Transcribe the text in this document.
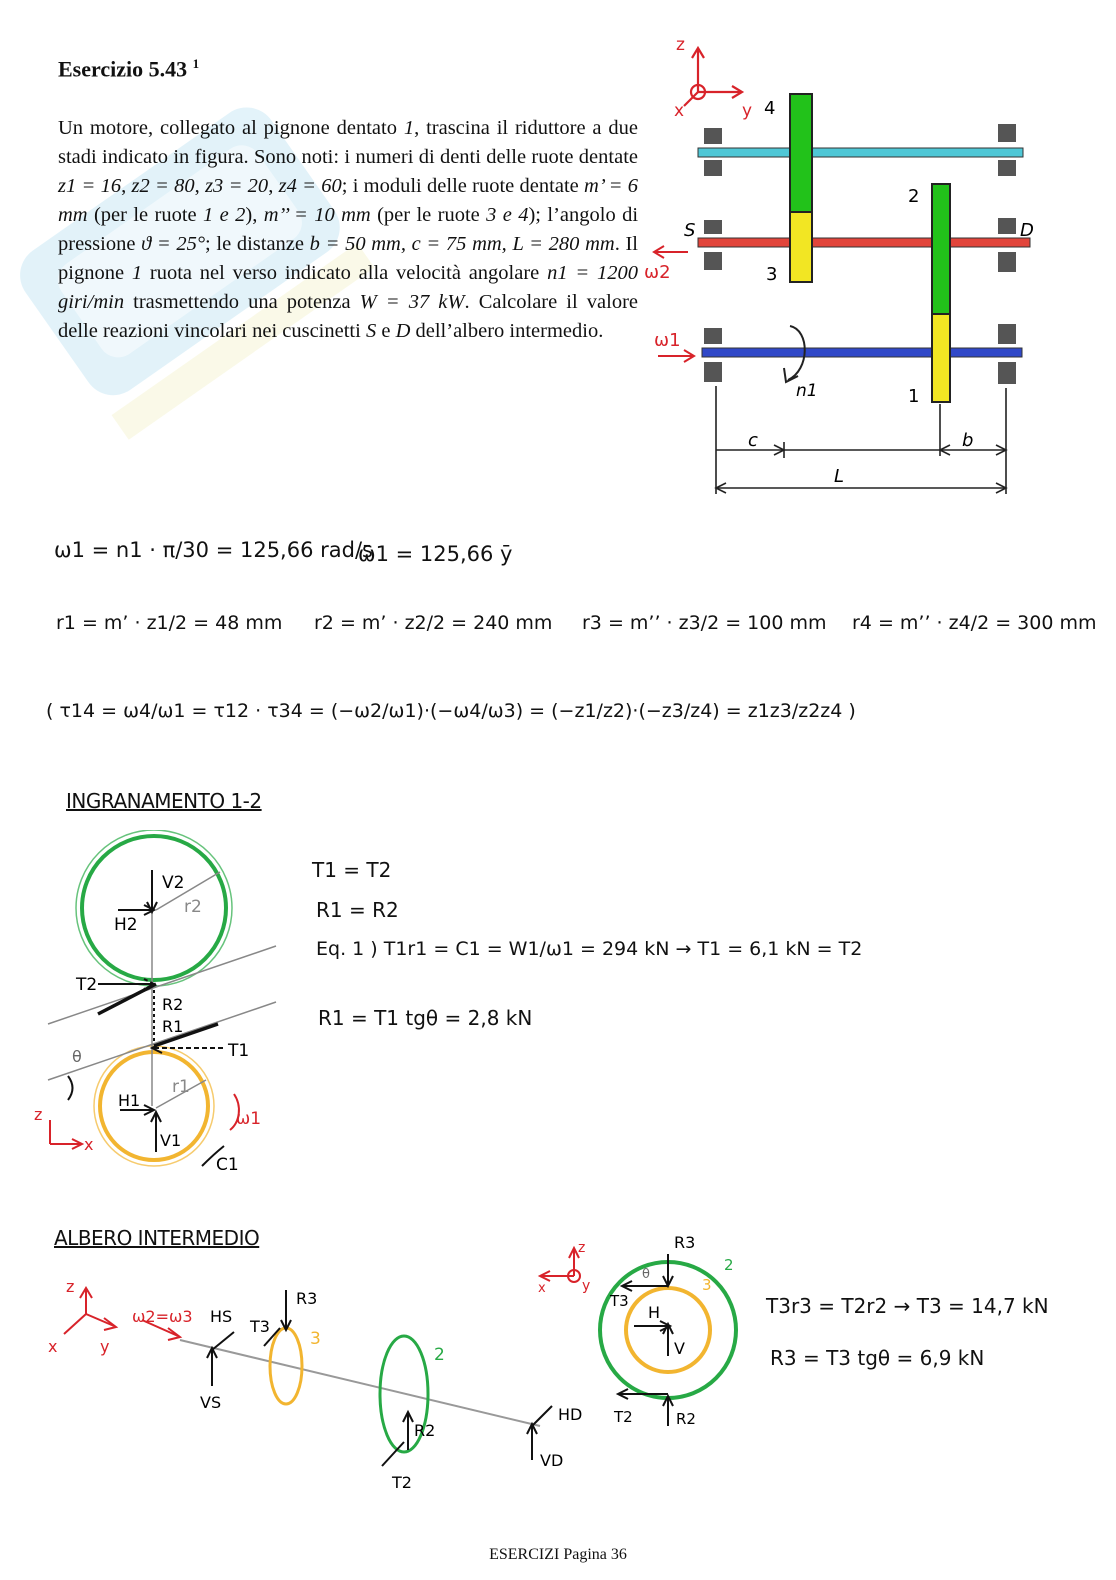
Esercizio 5.43 $^1$
Un motore, collegato al pignone dentato 1, trascina il riduttore a due stadi indicato in figura. Sono noti: i numeri di denti delle ruote dentate z1 = 16, z2 = 80, z3 = 20, z4 = 60; i moduli delle ruote dentate m’ = 6 mm (per le ruote 1 e 2), m’’ = 10 mm (per le ruote 3 e 4); l’angolo di pressione ϑ = 25°; le distanze b = 50 mm, c = 75 mm, L = 280 mm. Il pignone 1 ruota nel verso indicato alla velocità angolare n1 = 1200 giri/min trasmettendo una potenza W = 37 kW. Calcolare il valore delle reazioni vincolari nei cuscinetti S e D dell’albero intermedio.
z
x	y 4
2
3
1
S	D
ω2
ω1
n1
c	b
L
ω1 = n1 · π/30 = 125,66 rad/s
ω̄1 = 125,66 ȳ
r1 = m’ · z1/2 = 48 mm r2 = m’ · z2/2 = 240 mm r3 = m’’ · z3/2 = 100 mm r4 = m’’ · z4/2 = 300 mm
( τ14 = ω4/ω1 = τ12 · τ34 = (−ω2/ω1)·(−ω4/ω3) = (−z1/z2)·(−z3/z4) = z1z3/z2z4 )
INGRANAMENTO 1-2
V2
r2
H2
T2
R2
R1
T1
θ
r1
H1
V1
ω1
C1
z
x
T1 = T2
R1 = R2
Eq. 1 ) T1r1 = C1 = W1/ω1 = 294 kN → T1 = 6,1 kN = T2
R1 = T1 tgθ = 2,8 kN
ALBERO INTERMEDIO
z
x	y
ω2=ω3 HS
VS
T3
R3
3
2
R2
T2
HD
VD
z
x	y
R3
2
3
θ
T3
H
V
T2	R2
T3r3 = T2r2 → T3 = 14,7 kN
R3 = T3 tgθ = 6,9 kN
ESERCIZI Pagina 36
